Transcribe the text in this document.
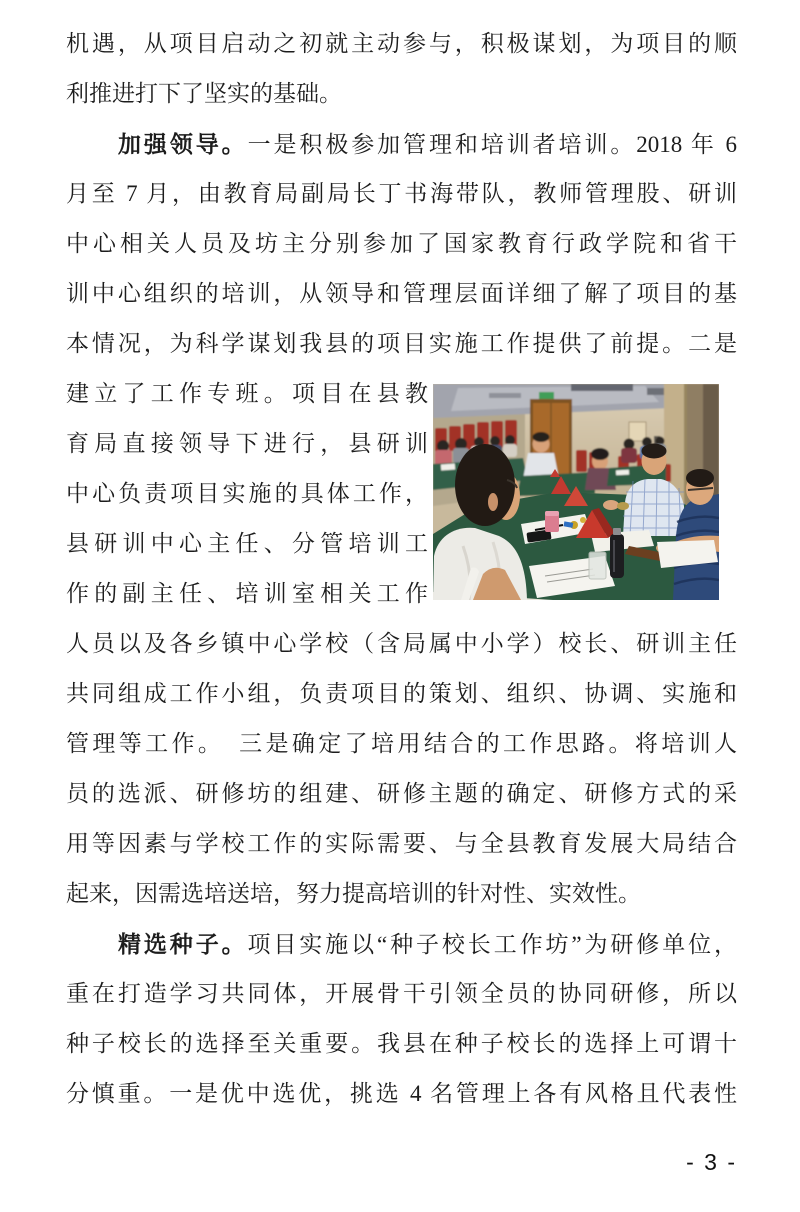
机遇，从项目启动之初就主动参与，积极谋划，为项目的顺
利推进打下了坚实的基础。
加强领导。一是积极参加管理和培训者培训。2018 年 6
月至 7 月，由教育局副局长丁书海带队，教师管理股、研训
中心相关人员及坊主分别参加了国家教育行政学院和省干
训中心组织的培训，从领导和管理层面详细了解了项目的基
本情况，为科学谋划我县的项目实施工作提供了前提。二是
建立了工作专班。项目在县教
育局直接领导下进行，县研训
中心负责项目实施的具体工作，
县研训中心主任、分管培训工
作的副主任、培训室相关工作
人员以及各乡镇中心学校（含局属中小学）校长、研训主任
共同组成工作小组，负责项目的策划、组织、协调、实施和
管理等工作。　三是确定了培用结合的工作思路。将培训人
员的选派、研修坊的组建、研修主题的确定、研修方式的采
用等因素与学校工作的实际需要、与全县教育发展大局结合
起来，因需选培送培，努力提高培训的针对性、实效性。
精选种子。项目实施以“种子校长工作坊”为研修单位，
重在打造学习共同体，开展骨干引领全员的协同研修，所以
种子校长的选择至关重要。我县在种子校长的选择上可谓十
分慎重。一是优中选优，挑选 4 名管理上各有风格且代表性
- 3 -
